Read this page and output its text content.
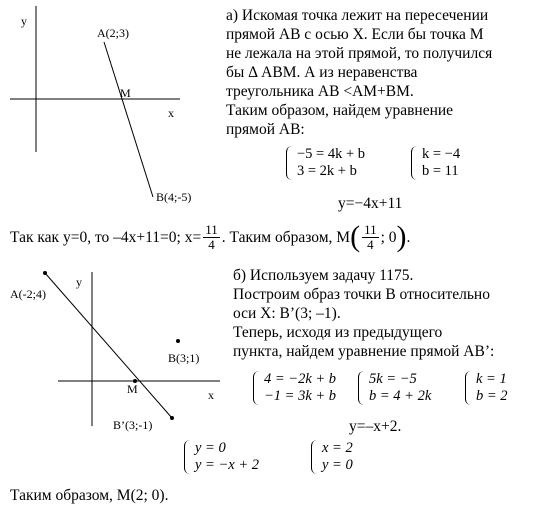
y
x
A(2;3)
M
B(4;-5)
а) Искомая точка лежит на пересечении
прямой АВ с осью Х. Если бы точка М
не лежала на этой прямой, то получился
бы Δ АВМ. А из неравенства
треугольника АВ <АМ+ВМ.
Таким образом, найдем уравнение
прямой АВ:
−5 = 4k + b
3 = 2k + b
k = −4
b = 11
y=−4x+11
Так как y=0, то –4x+11=0; $x= \frac{11}{4}$ . Таким образом, М ( $\frac{11}{4}$ ; 0 ) .
y
x
A(-2;4)
B(3;1)
M
B’(3;-1)
б) Используем задачу 1175.
Построим образ точки В относительно
оси Х: В’(3; –1).
Теперь, исходя из предыдущего
пункта, найдем уравнение прямой АВ’:
4 = −2k + b
−1 = 3k + b
5k = −5
b = 4 + 2k
k = 1
b = 2
y=–x+2.
y = 0
y = −x + 2
x = 2
y = 0
Таким образом, М(2; 0).
